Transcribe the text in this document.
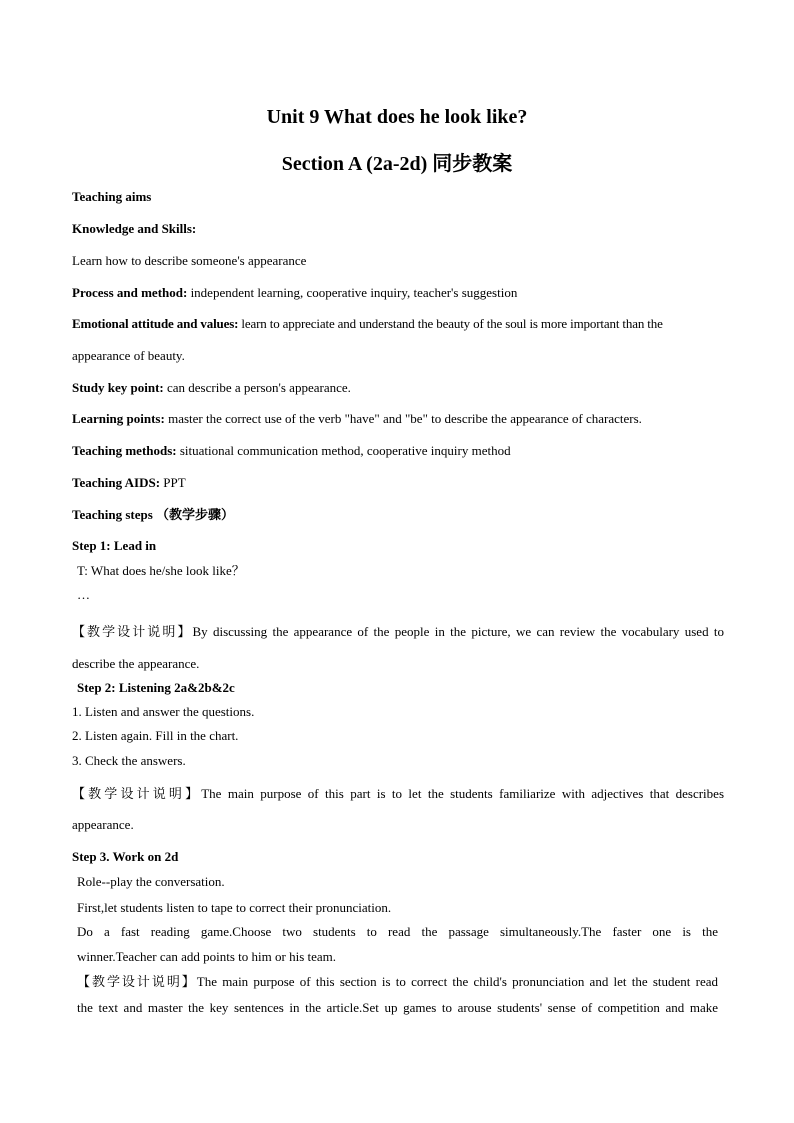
Unit 9 What does he look like?
Section A (2a-2d) 同步教案
Teaching aims
Knowledge and Skills:
Learn how to describe someone's appearance
Process and method: independent learning, cooperative inquiry, teacher's suggestion
Emotional attitude and values: learn to appreciate and understand the beauty of the soul is more important than the
appearance of beauty.
Study key point: can describe a person's appearance.
Learning points: master the correct use of the verb "have" and "be" to describe the appearance of characters.
Teaching methods: situational communication method, cooperative inquiry method
Teaching AIDS: PPT
Teaching steps （教学步骤）
Step 1: Lead in
T: What does he/she look like？
…
【教学设计说明】By discussing the appearance of the people in the picture, we can review the vocabulary used to
describe the appearance.
Step 2: Listening 2a&2b&2c
1. Listen and answer the questions.
2. Listen again. Fill in the chart.
3. Check the answers.
【教学设计说明】The main purpose of this part is to let the students familiarize with adjectives that describes
appearance.
Step 3. Work on 2d
Role--play the conversation.
First,let students listen to tape to correct their pronunciation.
Do a fast reading game.Choose two students to read the passage simultaneously.The faster one is the
winner.Teacher can add points to him or his team.
【教学设计说明】The main purpose of this section is to correct the child's pronunciation and let the student read
the text and master the key sentences in the article.Set up games to arouse students' sense of competition and make
